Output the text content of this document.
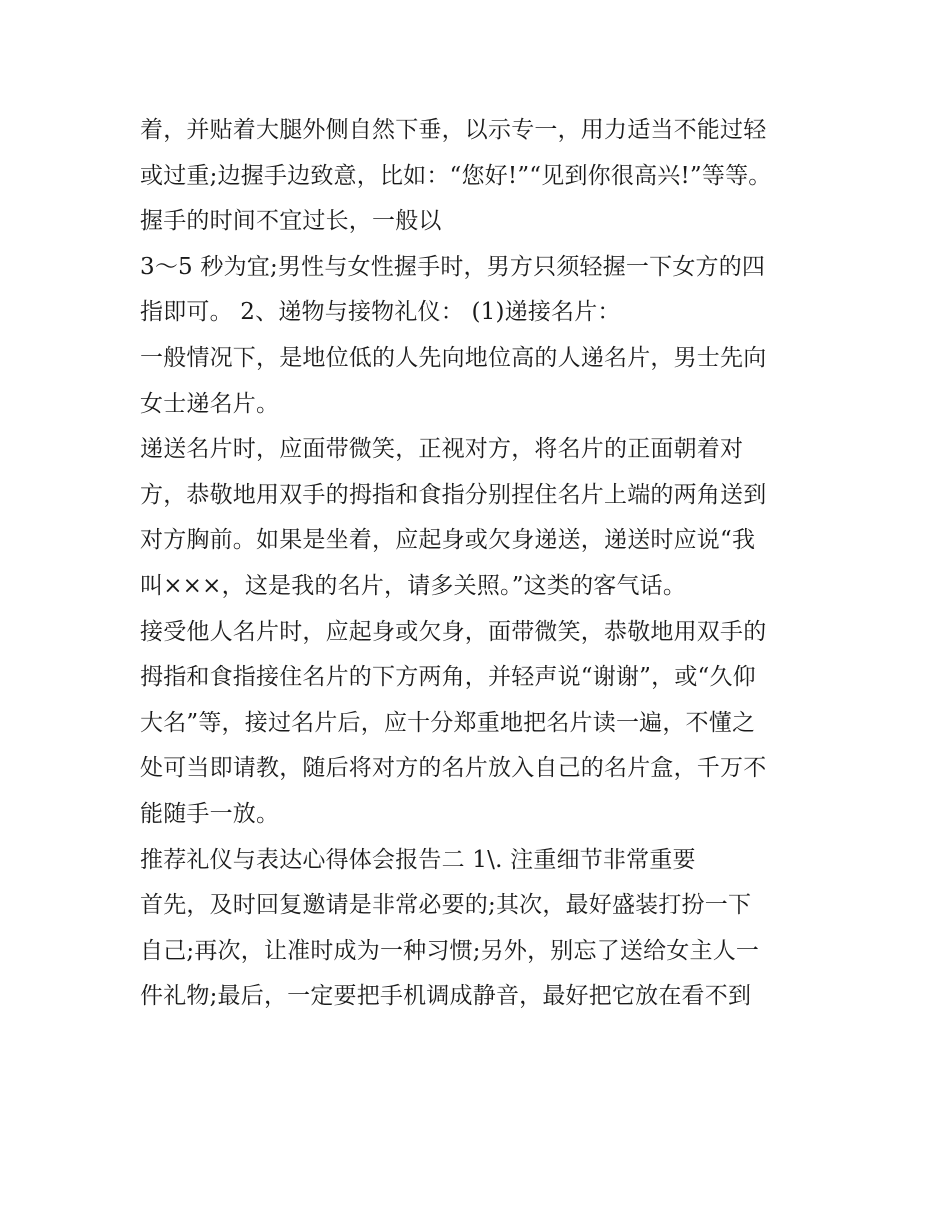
着，并贴着大腿外侧自然下垂，以示专一，用力适当不能过轻
或过重;边握手边致意，比如：“您好!”“见到你很高兴!”等等。
握手的时间不宜过长，一般以
3～5 秒为宜;男性与女性握手时，男方只须轻握一下女方的四
指即可。 2、递物与接物礼仪： (1)递接名片：
一般情况下，是地位低的人先向地位高的人递名片，男士先向
女士递名片。
递送名片时，应面带微笑，正视对方，将名片的正面朝着对
方，恭敬地用双手的拇指和食指分别捏住名片上端的两角送到
对方胸前。如果是坐着，应起身或欠身递送，递送时应说“我
叫×××，这是我的名片，请多关照。”这类的客气话。
接受他人名片时，应起身或欠身，面带微笑，恭敬地用双手的
拇指和食指接住名片的下方两角，并轻声说“谢谢”，或“久仰
大名”等，接过名片后，应十分郑重地把名片读一遍，不懂之
处可当即请教，随后将对方的名片放入自己的名片盒，千万不
能随手一放。
推荐礼仪与表达心得体会报告二 1\. 注重细节非常重要
首先，及时回复邀请是非常必要的;其次，最好盛装打扮一下
自己;再次，让准时成为一种习惯;另外，别忘了送给女主人一
件礼物;最后，一定要把手机调成静音，最好把它放在看不到
